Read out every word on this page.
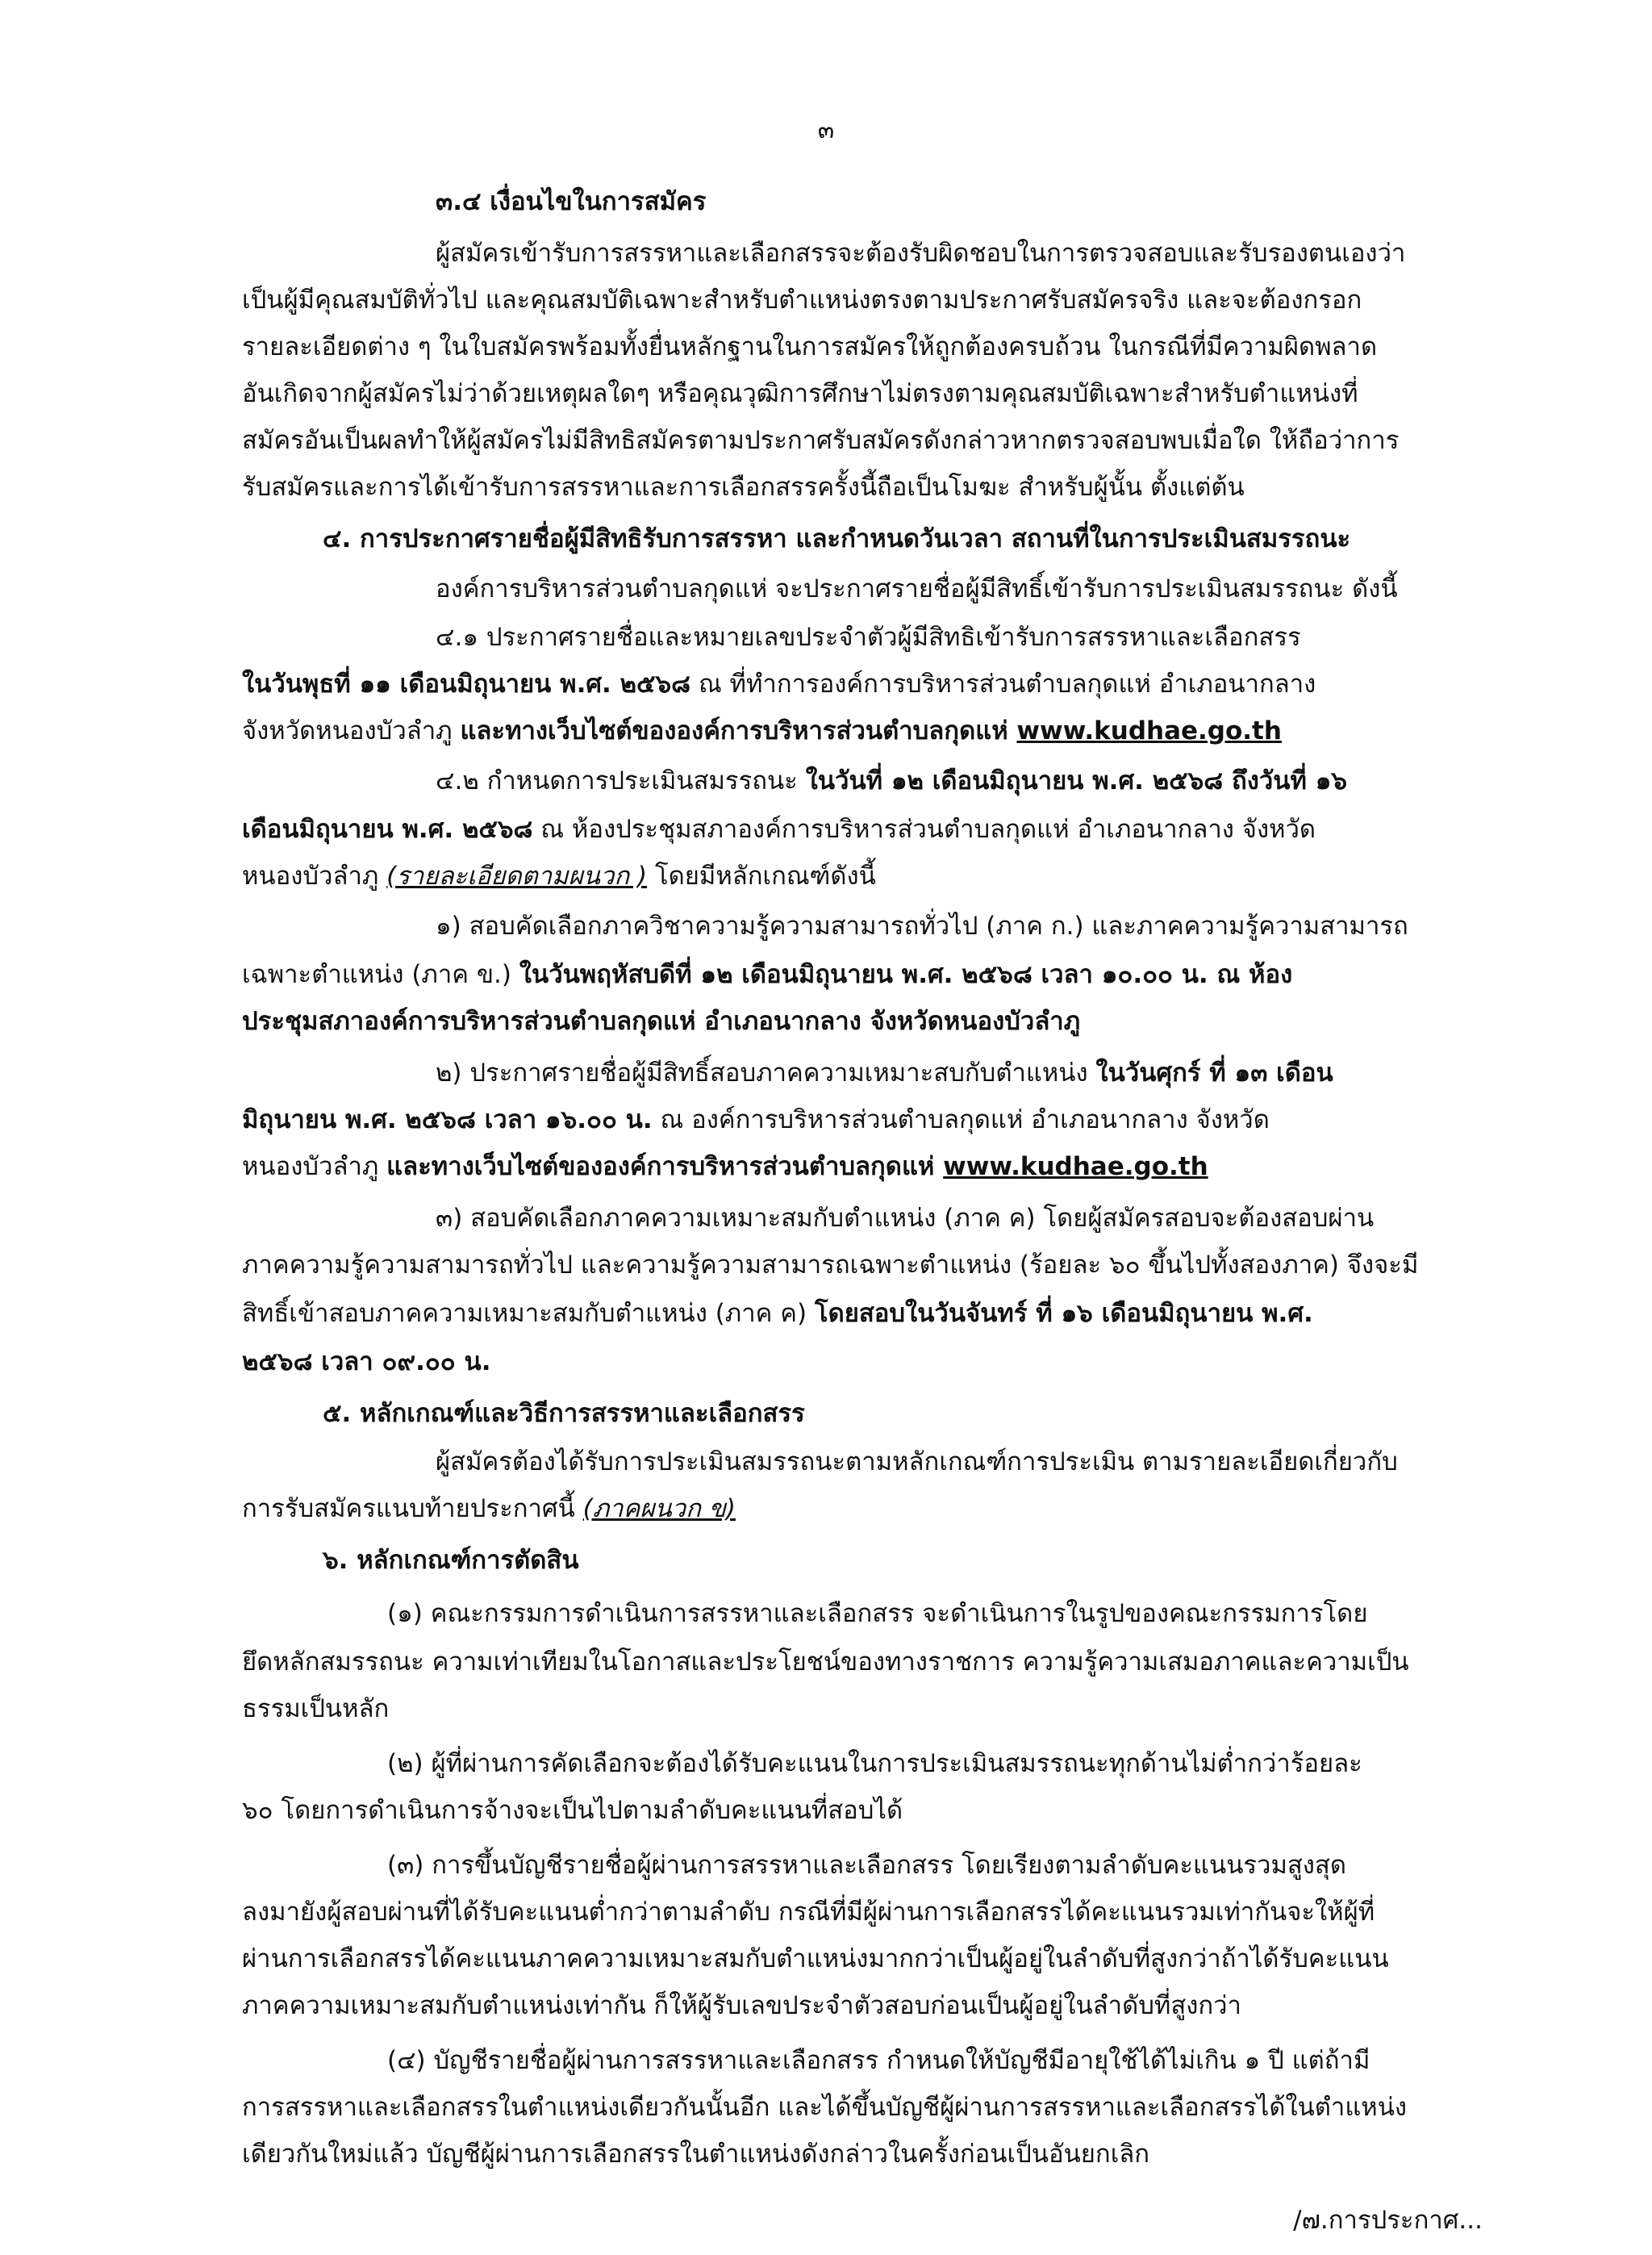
๓
๓.๔ เงื่อนไขในการสมัคร
ผู้สมัครเข้ารับการสรรหาและเลือกสรรจะต้องรับผิดชอบในการตรวจสอบและรับรองตนเองว่า
เป็นผู้มีคุณสมบัติทั่วไป และคุณสมบัติเฉพาะสำหรับตำแหน่งตรงตามประกาศรับสมัครจริง และจะต้องกรอก
รายละเอียดต่าง ๆ ในใบสมัครพร้อมทั้งยื่นหลักฐานในการสมัครให้ถูกต้องครบถ้วน ในกรณีที่มีความผิดพลาด
อันเกิดจากผู้สมัครไม่ว่าด้วยเหตุผลใดๆ หรือคุณวุฒิการศึกษาไม่ตรงตามคุณสมบัติเฉพาะสำหรับตำแหน่งที่
สมัครอันเป็นผลทำให้ผู้สมัครไม่มีสิทธิสมัครตามประกาศรับสมัครดังกล่าวหากตรวจสอบพบเมื่อใด ให้ถือว่าการ
รับสมัครและการได้เข้ารับการสรรหาและการเลือกสรรครั้งนี้ถือเป็นโมฆะ สำหรับผู้นั้น ตั้งแต่ต้น
๔. การประกาศรายชื่อผู้มีสิทธิรับการสรรหา และกำหนดวันเวลา สถานที่ในการประเมินสมรรถนะ
องค์การบริหารส่วนตำบลกุดแห่ จะประกาศรายชื่อผู้มีสิทธิ์เข้ารับการประเมินสมรรถนะ ดังนี้
๔.๑ ประกาศรายชื่อและหมายเลขประจำตัวผู้มีสิทธิเข้ารับการสรรหาและเลือกสรร
ในวันพุธที่ ๑๑ เดือนมิถุนายน พ.ศ. ๒๕๖๘ ณ ที่ทำการองค์การบริหารส่วนตำบลกุดแห่ อำเภอนากลาง
จังหวัดหนองบัวลำภู และทางเว็บไซต์ขององค์การบริหารส่วนตำบลกุดแห่ www.kudhae.go.th
๔.๒ กำหนดการประเมินสมรรถนะ ในวันที่ ๑๒ เดือนมิถุนายน พ.ศ. ๒๕๖๘ ถึงวันที่ ๑๖
เดือนมิถุนายน พ.ศ. ๒๕๖๘ ณ ห้องประชุมสภาองค์การบริหารส่วนตำบลกุดแห่ อำเภอนากลาง จังหวัด
หนองบัวลำภู (รายละเอียดตามผนวก ) โดยมีหลักเกณฑ์ดังนี้
๑) สอบคัดเลือกภาควิชาความรู้ความสามารถทั่วไป (ภาค ก.) และภาคความรู้ความสามารถ
เฉพาะตำแหน่ง (ภาค ข.) ในวันพฤหัสบดีที่ ๑๒ เดือนมิถุนายน พ.ศ. ๒๕๖๘ เวลา ๑๐.๐๐ น. ณ ห้อง
ประชุมสภาองค์การบริหารส่วนตำบลกุดแห่ อำเภอนากลาง จังหวัดหนองบัวลำภู
๒) ประกาศรายชื่อผู้มีสิทธิ์สอบภาคความเหมาะสบกับตำแหน่ง ในวันศุกร์ ที่ ๑๓ เดือน
มิถุนายน พ.ศ. ๒๕๖๘ เวลา ๑๖.๐๐ น. ณ องค์การบริหารส่วนตำบลกุดแห่ อำเภอนากลาง จังหวัด
หนองบัวลำภู และทางเว็บไซต์ขององค์การบริหารส่วนตำบลกุดแห่ www.kudhae.go.th
๓) สอบคัดเลือกภาคความเหมาะสมกับตำแหน่ง (ภาค ค) โดยผู้สมัครสอบจะต้องสอบผ่าน
ภาคความรู้ความสามารถทั่วไป และความรู้ความสามารถเฉพาะตำแหน่ง (ร้อยละ ๖๐ ขึ้นไปทั้งสองภาค) จึงจะมี
สิทธิ์เข้าสอบภาคความเหมาะสมกับตำแหน่ง (ภาค ค) โดยสอบในวันจันทร์ ที่ ๑๖ เดือนมิถุนายน พ.ศ.
๒๕๖๘ เวลา ๐๙.๐๐ น.
๕. หลักเกณฑ์และวิธีการสรรหาและเลือกสรร
ผู้สมัครต้องได้รับการประเมินสมรรถนะตามหลักเกณฑ์การประเมิน ตามรายละเอียดเกี่ยวกับ
การรับสมัครแนบท้ายประกาศนี้ (ภาคผนวก ข)
๖. หลักเกณฑ์การตัดสิน
(๑) คณะกรรมการดำเนินการสรรหาและเลือกสรร จะดำเนินการในรูปของคณะกรรมการโดย
ยึดหลักสมรรถนะ ความเท่าเทียมในโอกาสและประโยชน์ของทางราชการ ความรู้ความเสมอภาคและความเป็น
ธรรมเป็นหลัก
(๒) ผู้ที่ผ่านการคัดเลือกจะต้องได้รับคะแนนในการประเมินสมรรถนะทุกด้านไม่ต่ำกว่าร้อยละ
๖๐ โดยการดำเนินการจ้างจะเป็นไปตามลำดับคะแนนที่สอบได้
(๓) การขึ้นบัญชีรายชื่อผู้ผ่านการสรรหาและเลือกสรร โดยเรียงตามลำดับคะแนนรวมสูงสุด
ลงมายังผู้สอบผ่านที่ได้รับคะแนนต่ำกว่าตามลำดับ กรณีที่มีผู้ผ่านการเลือกสรรได้คะแนนรวมเท่ากันจะให้ผู้ที่
ผ่านการเลือกสรรได้คะแนนภาคความเหมาะสมกับตำแหน่งมากกว่าเป็นผู้อยู่ในลำดับที่สูงกว่าถ้าได้รับคะแนน
ภาคความเหมาะสมกับตำแหน่งเท่ากัน ก็ให้ผู้รับเลขประจำตัวสอบก่อนเป็นผู้อยู่ในลำดับที่สูงกว่า
(๔) บัญชีรายชื่อผู้ผ่านการสรรหาและเลือกสรร กำหนดให้บัญชีมีอายุใช้ได้ไม่เกิน ๑ ปี แต่ถ้ามี
การสรรหาและเลือกสรรในตำแหน่งเดียวกันนั้นอีก และได้ขึ้นบัญชีผู้ผ่านการสรรหาและเลือกสรรได้ในตำแหน่ง
เดียวกันใหม่แล้ว บัญชีผู้ผ่านการเลือกสรรในตำแหน่งดังกล่าวในครั้งก่อนเป็นอันยกเลิก
/๗.การประกาศ...
